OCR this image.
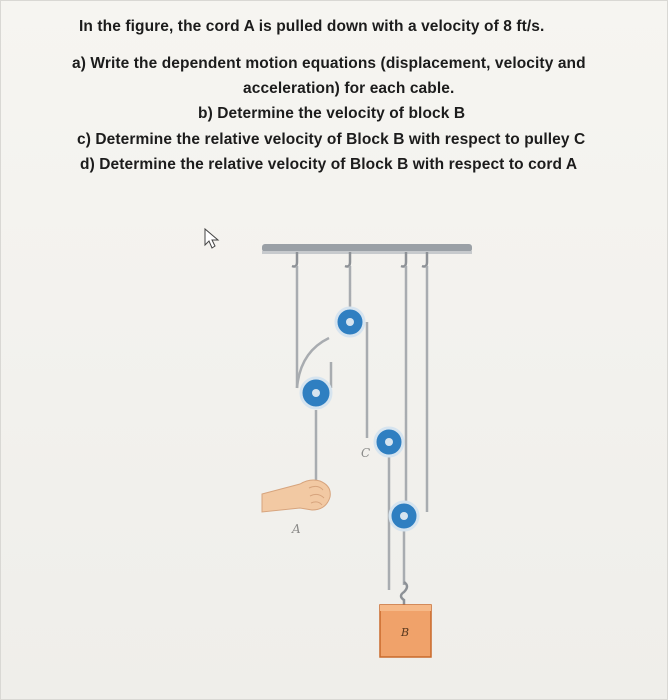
In the figure, the cord A is pulled down with a velocity of 8 ft/s.
a) Write the dependent motion equations (displacement, velocity and
acceleration) for each cable.
b) Determine the velocity of block B
c) Determine the relative velocity of Block B with respect to pulley C
d) Determine the relative velocity of Block B with respect to cord A
B
A
C
